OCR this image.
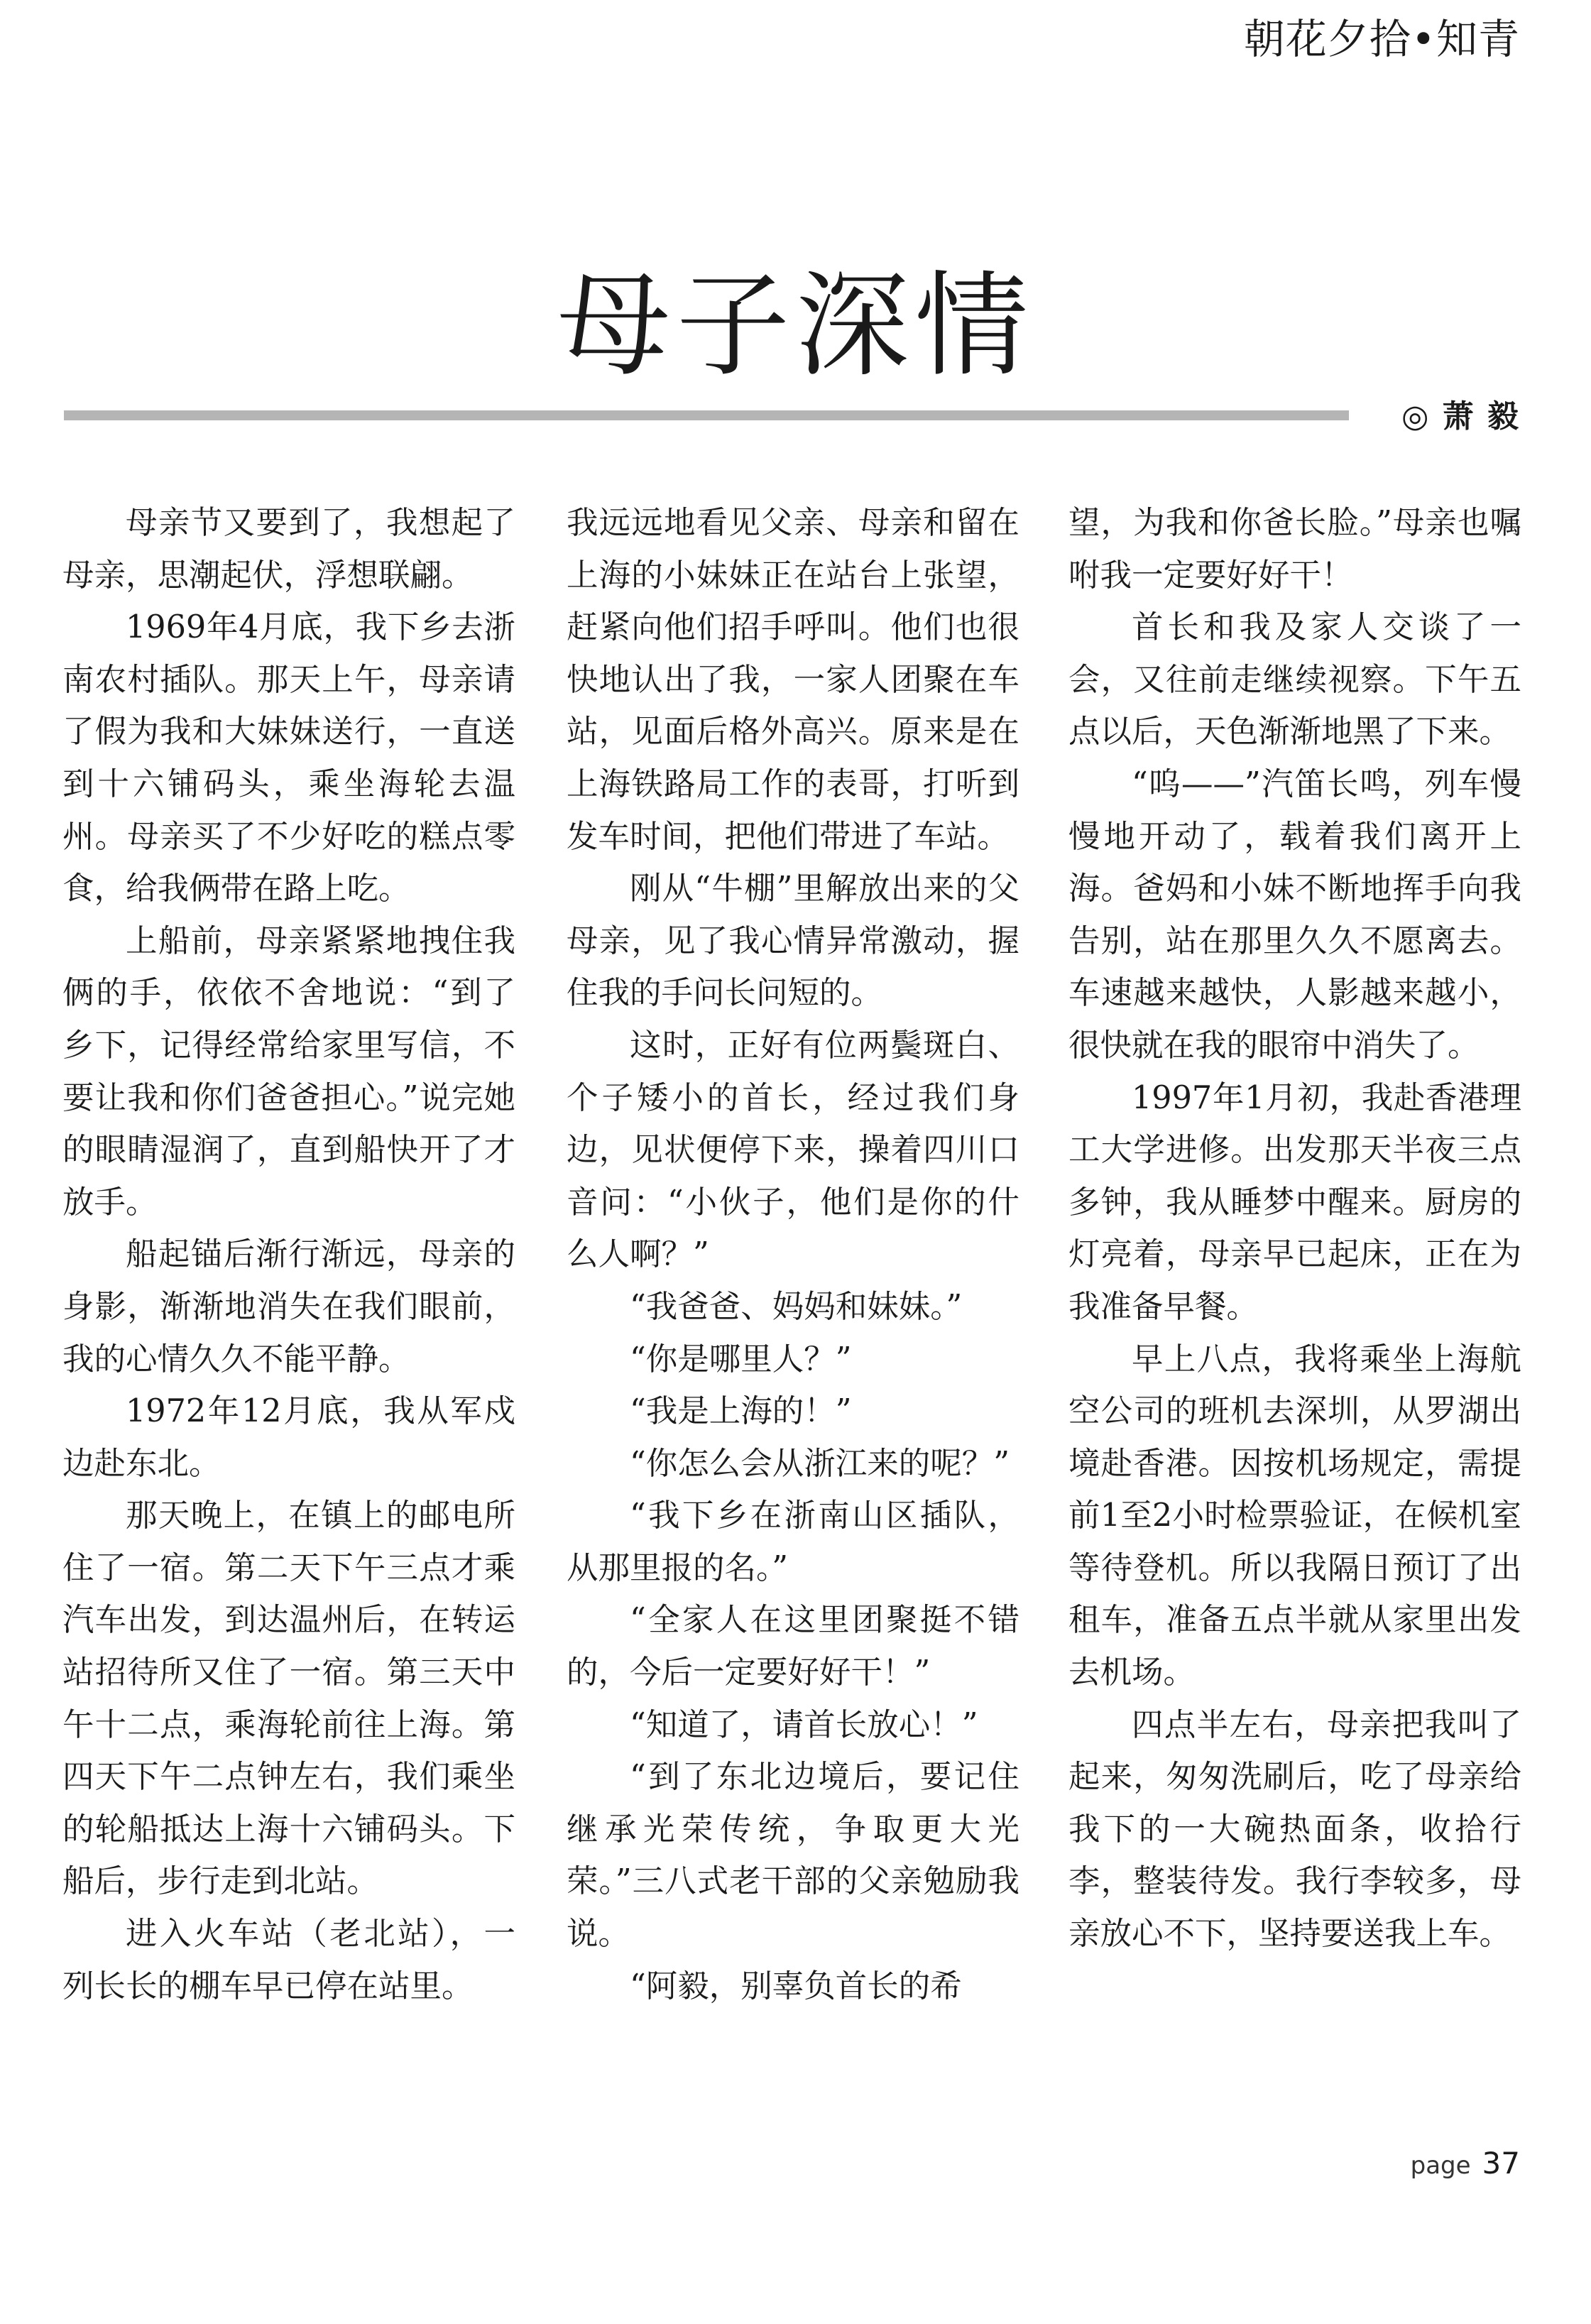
朝花夕拾•知青
母子深情
◎ 萧 毅

母亲节又要到了，我想起了母亲，思潮起伏，浮想联翩。

1969年4月底，我下乡去浙南农村插队。那天上午，母亲请了假为我和大妹妹送行，一直送到十六铺码头，乘坐海轮去温州。母亲买了不少好吃的糕点零食，给我俩带在路上吃。

上船前，母亲紧紧地拽住我俩的手，依依不舍地说：“到了乡下，记得经常给家里写信，不要让我和你们爸爸担心。”说完她的眼睛湿润了，直到船快开了才放手。

船起锚后渐行渐远，母亲的身影，渐渐地消失在我们眼前，我的心情久久不能平静。

1972年12月底，我从军戍边赴东北。

那天晚上，在镇上的邮电所住了一宿。第二天下午三点才乘汽车出发，到达温州后，在转运站招待所又住了一宿。第三天中午十二点，乘海轮前往上海。第四天下午二点钟左右，我们乘坐的轮船抵达上海十六铺码头。下船后，步行走到北站。

进入火车站（老北站），一列长长的棚车早已停在站里。

我远远地看见父亲、母亲和留在上海的小妹妹正在站台上张望，赶紧向他们招手呼叫。他们也很快地认出了我，一家人团聚在车站，见面后格外高兴。原来是在上海铁路局工作的表哥，打听到发车时间，把他们带进了车站。

刚从“牛棚”里解放出来的父母亲，见了我心情异常激动，握住我的手问长问短的。

这时，正好有位两鬓斑白、个子矮小的首长，经过我们身边，见状便停下来，操着四川口音问：“小伙子，他们是你的什么人啊？”

“我爸爸、妈妈和妹妹。”

“你是哪里人？”

“我是上海的！”

“你怎么会从浙江来的呢？”

“我下乡在浙南山区插队，从那里报的名。”

“全家人在这里团聚挺不错的，今后一定要好好干！”

“知道了，请首长放心！”

“到了东北边境后，要记住继承光荣传统，争取更大光荣。”三八式老干部的父亲勉励我说。

“阿毅，别辜负首长的希

望，为我和你爸长脸。”母亲也嘱咐我一定要好好干！

首长和我及家人交谈了一会，又往前走继续视察。下午五点以后，天色渐渐地黑了下来。

“呜——”汽笛长鸣，列车慢慢地开动了，载着我们离开上海。爸妈和小妹不断地挥手向我告别，站在那里久久不愿离去。车速越来越快，人影越来越小，很快就在我的眼帘中消失了。

1997年1月初，我赴香港理工大学进修。出发那天半夜三点多钟，我从睡梦中醒来。厨房的灯亮着，母亲早已起床，正在为我准备早餐。

早上八点，我将乘坐上海航空公司的班机去深圳，从罗湖出境赴香港。因按机场规定，需提前1至2小时检票验证，在候机室等待登机。所以我隔日预订了出租车，准备五点半就从家里出发去机场。

四点半左右，母亲把我叫了起来，匆匆洗刷后，吃了母亲给我下的一大碗热面条，收拾行李，整装待发。我行李较多，母亲放心不下，坚持要送我上车。

page 37
